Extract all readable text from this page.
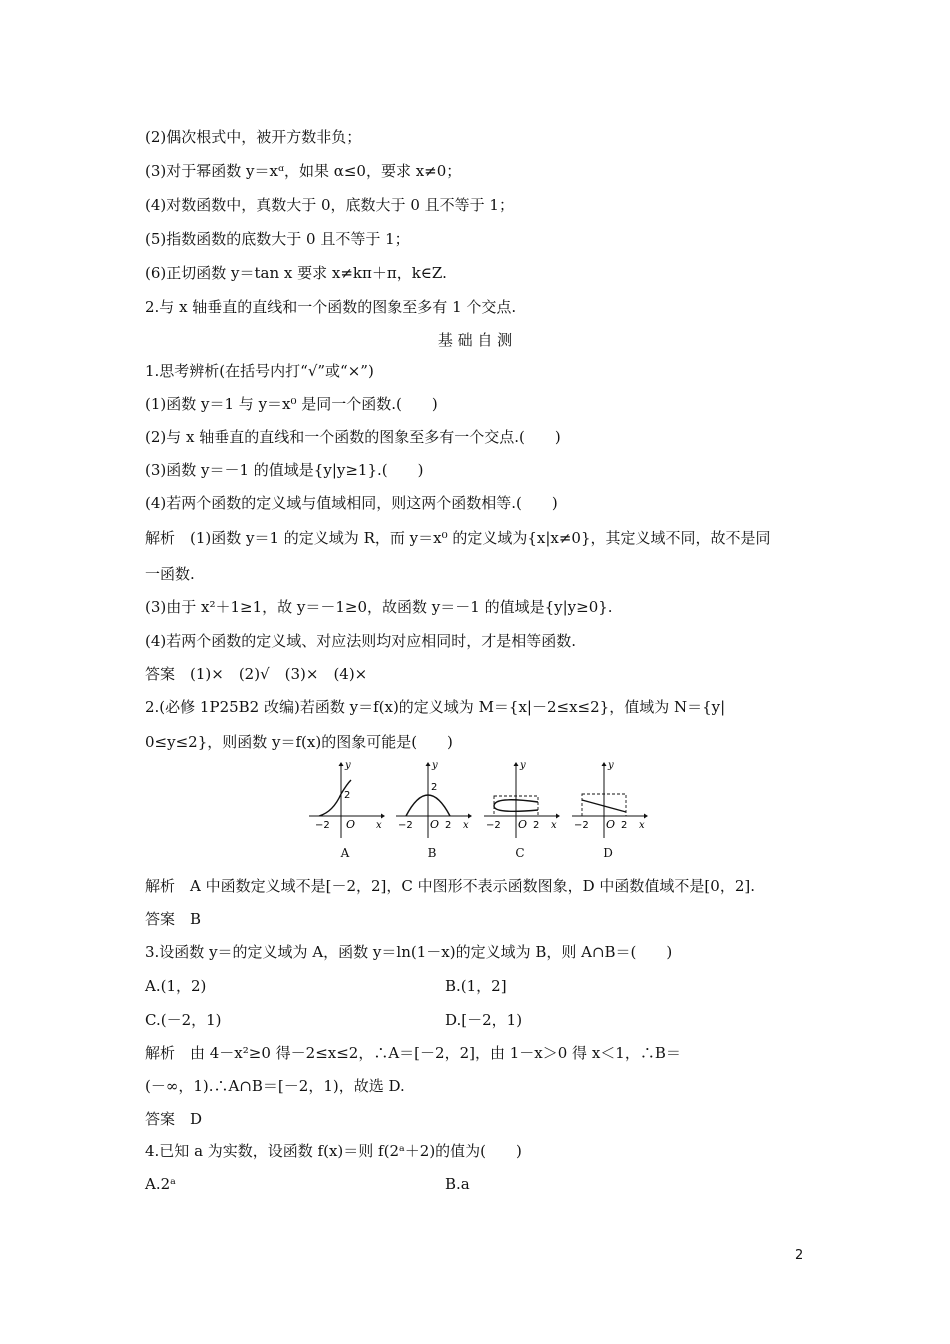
(2)偶次根式中，被开方数非负；
(3)对于幂函数 y＝xᵅ，如果 α≤0，要求 x≠0；
(4)对数函数中，真数大于 0，底数大于 0 且不等于 1；
(5)指数函数的底数大于 0 且不等于 1；
(6)正切函数 y＝tan x 要求 x≠kπ＋π，k∈Z.
2.与 x 轴垂直的直线和一个函数的图象至多有 1 个交点.
基 础 自 测
1.思考辨析(在括号内打“√”或“×”)
(1)函数 y＝1 与 y＝x⁰ 是同一个函数.(　　)
(2)与 x 轴垂直的直线和一个函数的图象至多有一个交点.(　　)
(3)函数 y＝－1 的值域是{y|y≥1}.(　　)
(4)若两个函数的定义域与值域相同，则这两个函数相等.(　　)
解析　(1)函数 y＝1 的定义域为 R，而 y＝x⁰ 的定义域为{x|x≠0}，其定义域不同，故不是同
一函数.
(3)由于 x²＋1≥1，故 y＝－1≥0，故函数 y＝－1 的值域是{y|y≥0}.
(4)若两个函数的定义域、对应法则均对应相同时，才是相等函数.
答案　(1)×　(2)√　(3)×　(4)×
2.(必修 1P25B2 改编)若函数 y＝f(x)的定义域为 M＝{x|－2≤x≤2}，值域为 N＝{y|
0≤y≤2}，则函数 y＝f(x)的图象可能是(　　)
y
x
O
−2
2
A
y
x
O
−2	2
2
B
y
x
O
−2	2
C
y
x
O
−2	2
D
解析　A 中函数定义域不是[－2，2]，C 中图形不表示函数图象，D 中函数值域不是[0，2].
答案　B
3.设函数 y＝的定义域为 A，函数 y＝ln(1－x)的定义域为 B，则 A∩B＝(　　)
A.(1，2)	B.(1，2]
C.(－2，1)	D.[－2，1)
解析　由 4－x²≥0 得－2≤x≤2，∴A＝[－2，2]，由 1－x＞0 得 x＜1，∴B＝
(－∞，1).∴A∩B＝[－2，1)，故选 D.
答案　D
4.已知 a 为实数，设函数 f(x)＝则 f(2ᵃ＋2)的值为(　　)
A.2ᵃ	B.a
2
